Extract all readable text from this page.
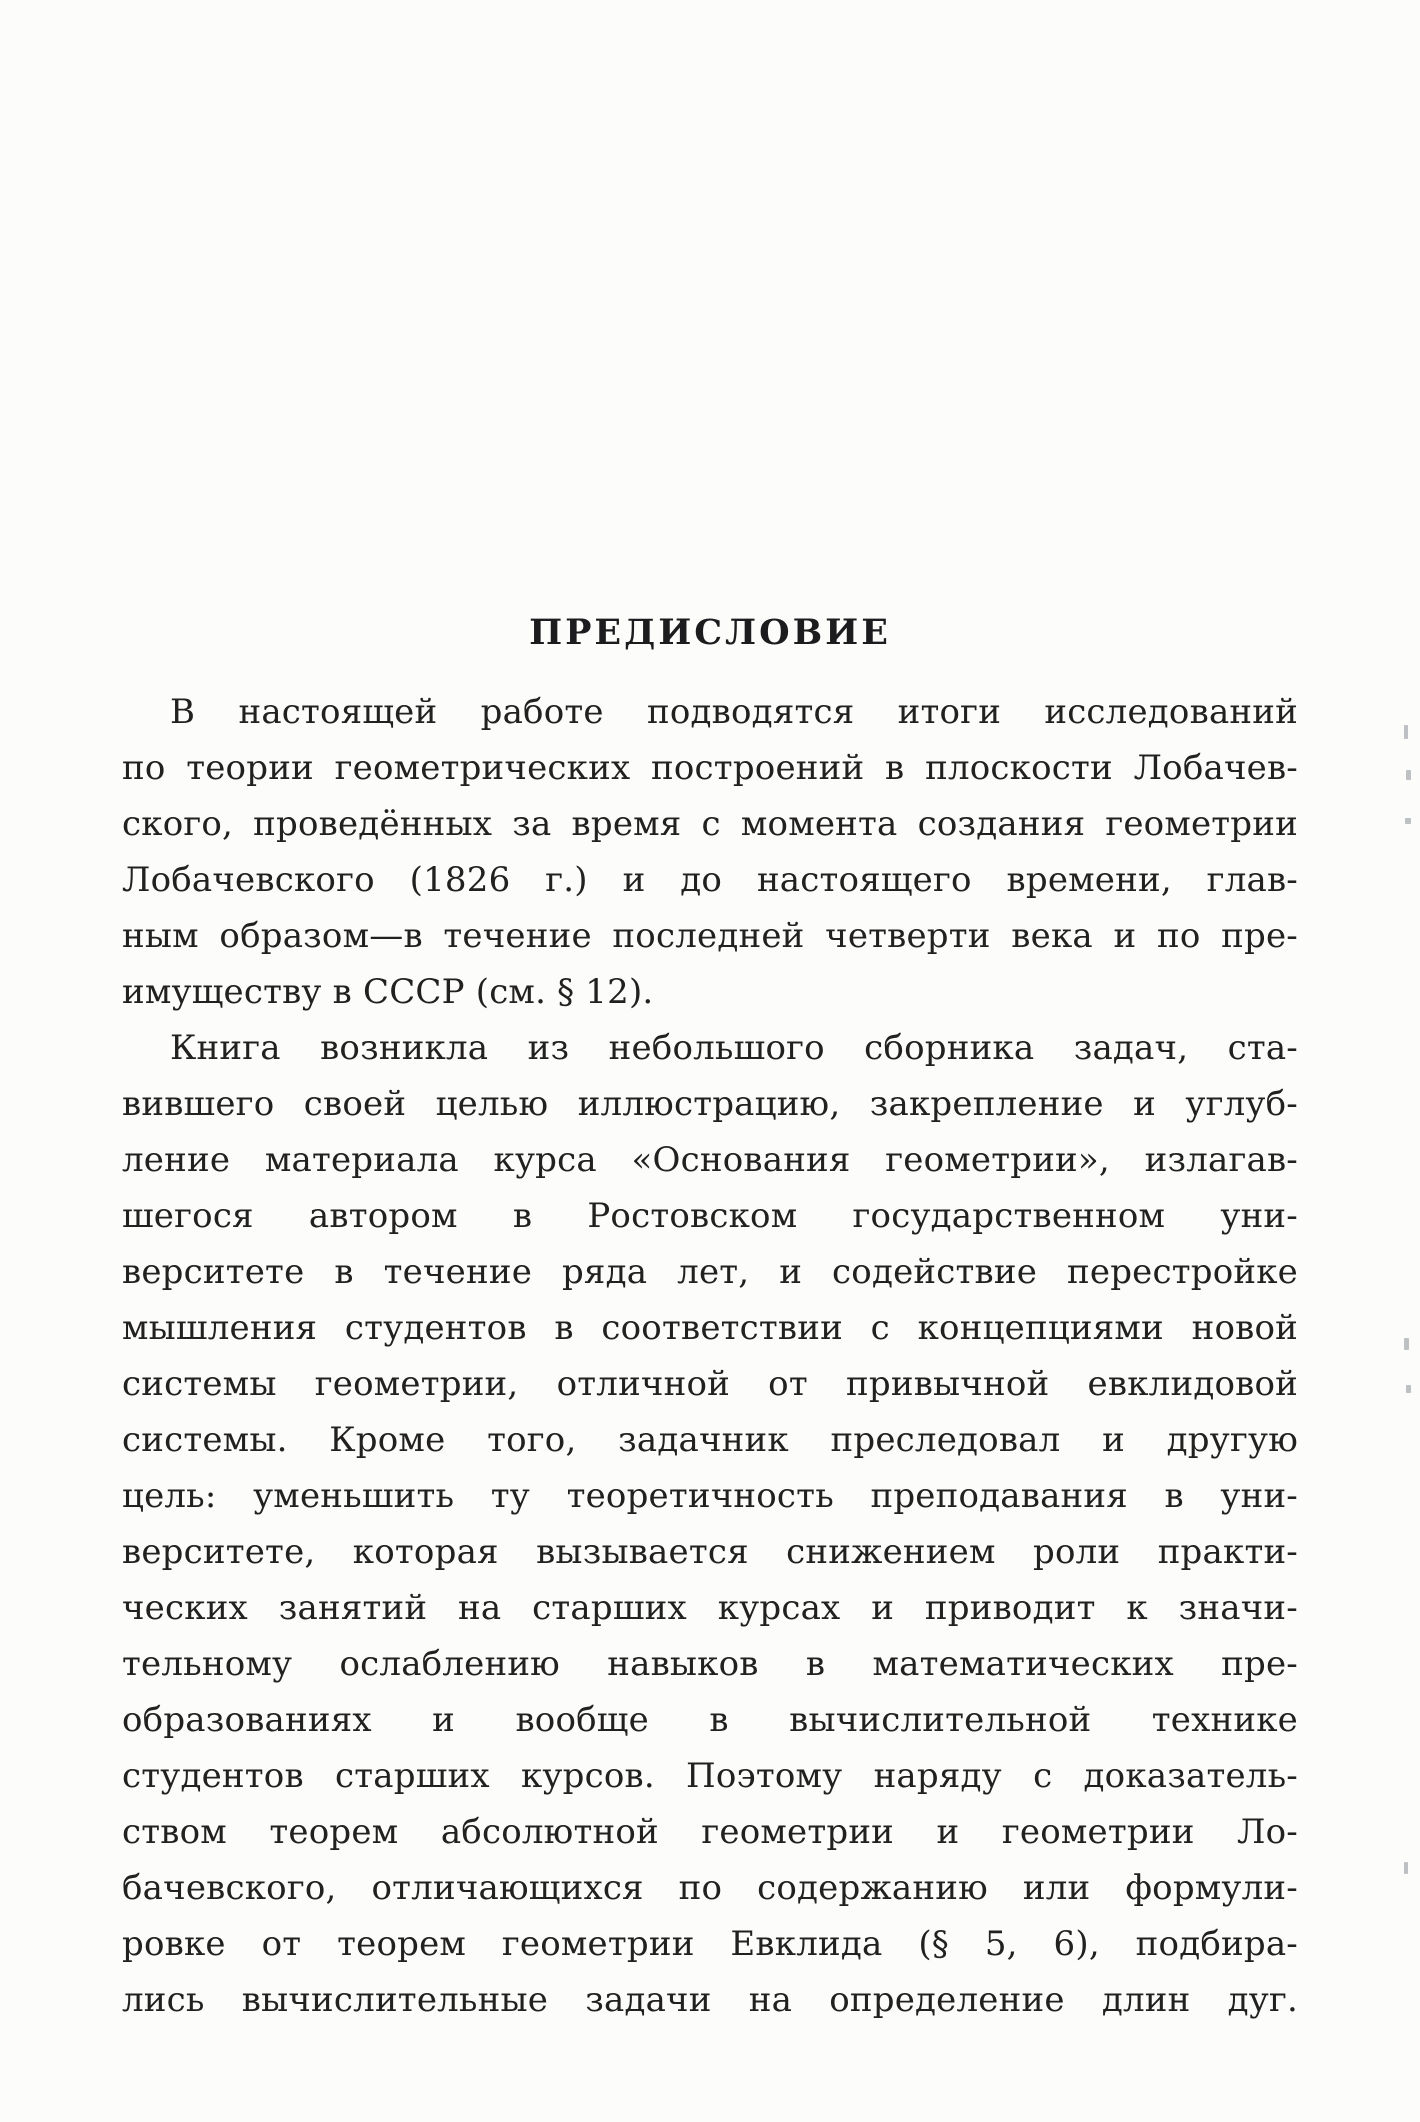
ПРЕДИСЛОВИЕ
В настоящей работе подводятся итоги исследований
по теории геометрических построений в плоскости Лобачев-
ского, проведённых за время с момента создания геометрии
Лобачевского (1826 г.) и до настоящего времени, глав-
ным образом—в течение последней четверти века и по пре-
имуществу в СССР (см. § 12).
Книга возникла из небольшого сборника задач, ста-
вившего своей целью иллюстрацию, закрепление и углуб-
ление материала курса «Основания геометрии», излагав-
шегося автором в Ростовском государственном уни-
верситете в течение ряда лет, и содействие перестройке
мышления студентов в соответствии с концепциями новой
системы геометрии, отличной от привычной евклидовой
системы. Кроме того, задачник преследовал и другую
цель: уменьшить ту теоретичность преподавания в уни-
верситете, которая вызывается снижением роли практи-
ческих занятий на старших курсах и приводит к значи-
тельному ослаблению навыков в математических пре-
образованиях и вообще в вычислительной технике
студентов старших курсов. Поэтому наряду с доказатель-
ством теорем абсолютной геометрии и геометрии Ло-
бачевского, отличающихся по содержанию или формули-
ровке от теорем геометрии Евклида (§ 5, 6), подбира-
лись вычислительные задачи на определение длин дуг.
